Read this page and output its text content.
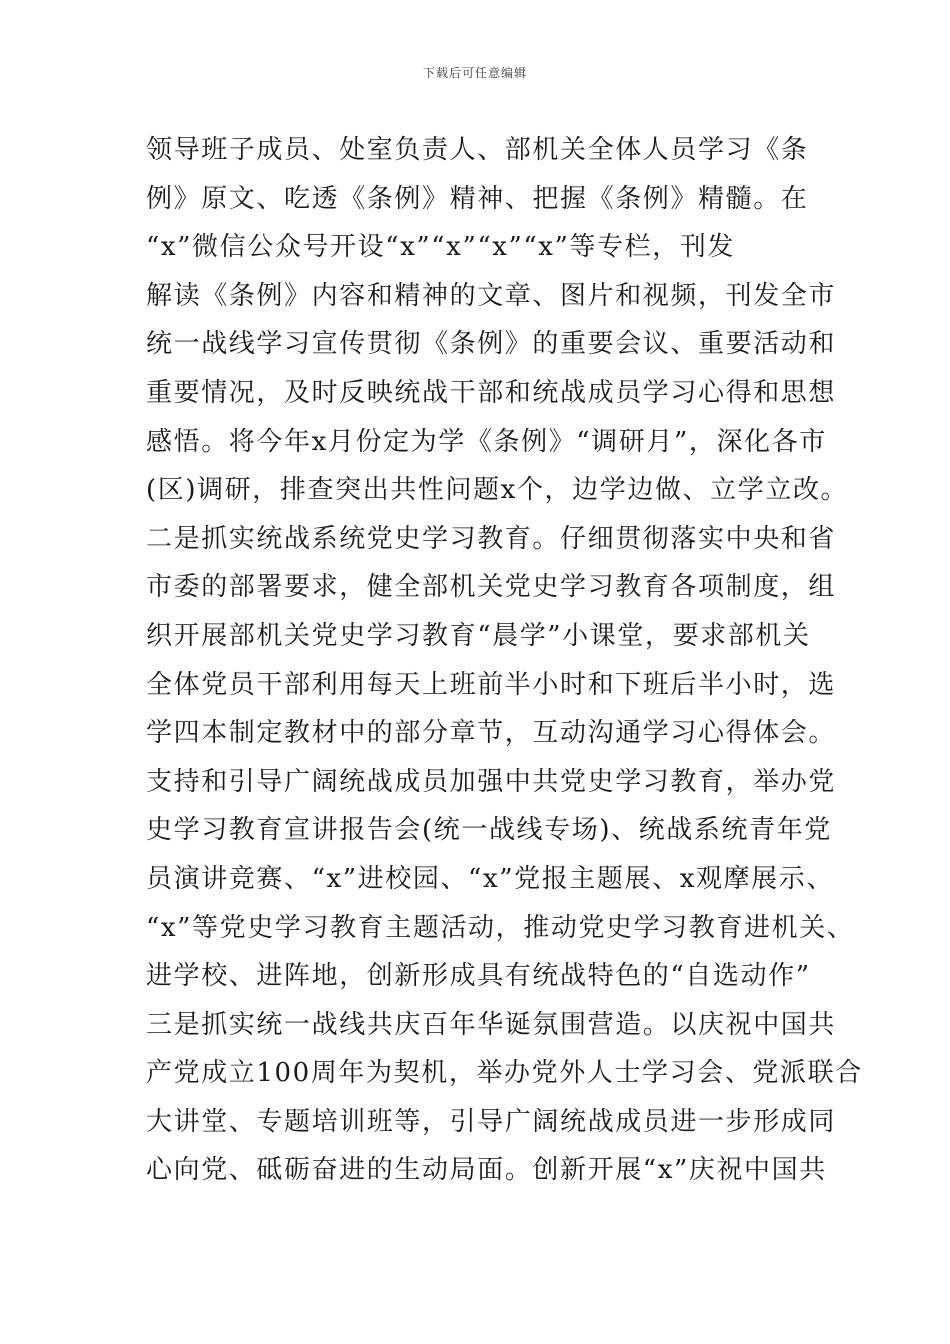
下载后可任意编辑
领导班子成员、处室负责人、部机关全体人员学习《条
例》原文、吃透《条例》精神、把握《条例》精髓。在
“x”微信公众号开设“x”“x”“x”“x”等专栏，刊发
解读《条例》内容和精神的文章、图片和视频，刊发全市
统一战线学习宣传贯彻《条例》的重要会议、重要活动和
重要情况，及时反映统战干部和统战成员学习心得和思想
感悟。将今年x月份定为学《条例》“调研月”，深化各市
(区)调研，排查突出共性问题x个，边学边做、立学立改。
二是抓实统战系统党史学习教育。仔细贯彻落实中央和省
市委的部署要求，健全部机关党史学习教育各项制度，组
织开展部机关党史学习教育“晨学”小课堂，要求部机关
全体党员干部利用每天上班前半小时和下班后半小时，选
学四本制定教材中的部分章节，互动沟通学习心得体会。
支持和引导广阔统战成员加强中共党史学习教育，举办党
史学习教育宣讲报告会(统一战线专场)、统战系统青年党
员演讲竞赛、“x”进校园、“x”党报主题展、x观摩展示、
“x”等党史学习教育主题活动，推动党史学习教育进机关、
进学校、进阵地，创新形成具有统战特色的“自选动作”
三是抓实统一战线共庆百年华诞氛围营造。以庆祝中国共
产党成立100周年为契机，举办党外人士学习会、党派联合
大讲堂、专题培训班等，引导广阔统战成员进一步形成同
心向党、砥砺奋进的生动局面。创新开展“x”庆祝中国共
